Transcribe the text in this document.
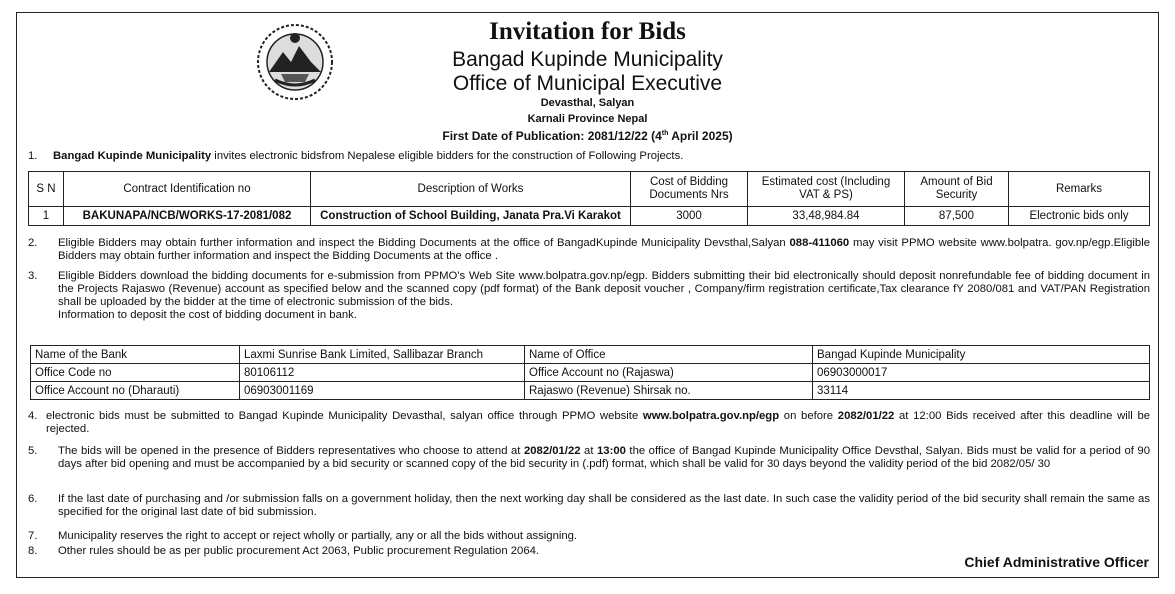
Invitation for Bids
Bangad Kupinde Municipality
Office of Municipal Executive
Devasthal, Salyan
Karnali Province Nepal
First Date of Publication: 2081/12/22 (4th April 2025)
1. Bangad Kupinde Municipality invites electronic bidsfrom Nepalese eligible bidders for the construction of Following Projects.
S N	Contract Identification no	Description of Works	Cost of Bidding Documents Nrs	Estimated cost (Including VAT & PS)	Amount of Bid Security	Remarks
1	BAKUNAPA/NCB/WORKS-17-2081/082	Construction of School Building, Janata Pra.Vi Karakot	3000	33,48,984.84	87,500	Electronic bids only
2. Eligible Bidders may obtain further information and inspect the Bidding Documents at the office of BangadKupinde Municipality Devsthal,Salyan 088-411060 may visit PPMO website www.bolpatra. gov.np/egp.Eligible Bidders may obtain further information and inspect the Bidding Documents at the office .
3. Eligible Bidders download the bidding documents for e-submission from PPMO's Web Site www.bolpatra.gov.np/egp. Bidders submitting their bid electronically should deposit nonrefundable fee of bidding document in the Projects Rajaswo (Revenue) account as specified below and the scanned copy (pdf format) of the Bank deposit voucher , Company/firm registration certificate,Tax clearance fY 2080/081 and VAT/PAN Registration shall be uploaded by the bidder at the time of electronic submission of the bids.
Information to deposit the cost of bidding document in bank.
Name of the Bank	Laxmi Sunrise Bank Limited, Sallibazar Branch	Name of Office	Bangad Kupinde Municipality
Office Code no	80106112	Office Account no (Rajaswa)	06903000017
Office Account no (Dharauti)	06903001169	Rajaswo (Revenue) Shirsak no.	33114
4. electronic bids must be submitted to Bangad Kupinde Municipality Devasthal, salyan office through PPMO website www.bolpatra.gov.np/egp on before 2082/01/22 at 12:00 Bids received after this deadline will be rejected.
5. The bids will be opened in the presence of Bidders representatives who choose to attend at 2082/01/22 at 13:00 the office of Bangad Kupinde Municipality Office Devsthal, Salyan. Bids must be valid for a period of 90 days after bid opening and must be accompanied by a bid security or scanned copy of the bid security in (.pdf) format, which shall be valid for 30 days beyond the validity period of the bid 2082/05/ 30
6. If the last date of purchasing and /or submission falls on a government holiday, then the next working day shall be considered as the last date. In such case the validity period of the bid security shall remain the same as specified for the original last date of bid submission.
7. Municipality reserves the right to accept or reject wholly or partially, any or all the bids without assigning.
8. Other rules should be as per public procurement Act 2063, Public procurement Regulation 2064.
Chief Administrative Officer
